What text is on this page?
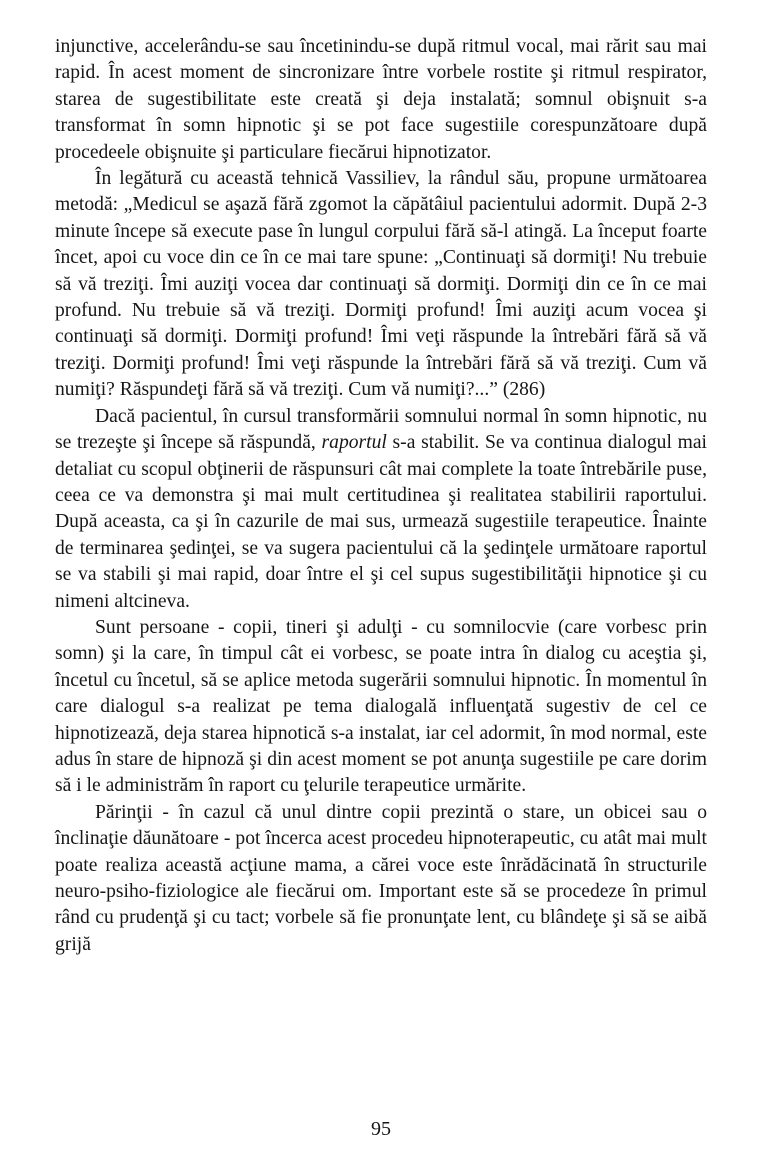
injunctive, accelerându-se sau încetinindu-se după ritmul vocal, mai rărit sau mai rapid. În acest moment de sincronizare între vorbele rostite şi ritmul respirator, starea de sugestibilitate este creată şi deja instalată; somnul obişnuit s-a transformat în somn hipnotic şi se pot face sugestiile corespunzătoare după procedeele obişnuite şi particulare fiecărui hipnotizator.

În legătură cu această tehnică Vassiliev, la rândul său, propune următoarea metodă: „Medicul se aşază fără zgomot la căpătâiul pacientului adormit. După 2-3 minute începe să execute pase în lungul corpului fără să-l atingă. La început foarte încet, apoi cu voce din ce în ce mai tare spune: „Continuaţi să dormiţi! Nu trebuie să vă treziţi. Îmi auziţi vocea dar continuaţi să dormiţi. Dormiţi din ce în ce mai profund. Nu trebuie să vă treziţi. Dormiţi profund! Îmi auziţi acum vocea şi continuaţi să dormiţi. Dormiţi profund! Îmi veţi răspunde la întrebări fără să vă treziţi. Dormiţi profund! Îmi veţi răspunde la întrebări fără să vă treziţi. Cum vă numiţi? Răspundeţi fără să vă treziţi. Cum vă numiţi?...” (286)

Dacă pacientul, în cursul transformării somnului normal în somn hipnotic, nu se trezeşte şi începe să răspundă, raportul s-a stabilit. Se va continua dialogul mai detaliat cu scopul obţinerii de răspunsuri cât mai complete la toate întrebările puse, ceea ce va demonstra şi mai mult certitudinea şi realitatea stabilirii raportului. După aceasta, ca şi în cazurile de mai sus, urmează sugestiile terapeutice. Înainte de terminarea şedinţei, se va sugera pacientului că la şedinţele următoare raportul se va stabili şi mai rapid, doar între el şi cel supus sugestibilităţii hipnotice şi cu nimeni altcineva.

Sunt persoane - copii, tineri şi adulţi - cu somnilocvie (care vorbesc prin somn) şi la care, în timpul cât ei vorbesc, se poate intra în dialog cu aceştia şi, încetul cu încetul, să se aplice metoda sugerării somnului hipnotic. În momentul în care dialogul s-a realizat pe tema dialogală influenţată sugestiv de cel ce hipnotizează, deja starea hipnotică s-a instalat, iar cel adormit, în mod normal, este adus în stare de hipnoză şi din acest moment se pot anunţa sugestiile pe care dorim să i le administrăm în raport cu ţelurile terapeutice urmărite.

Părinţii - în cazul că unul dintre copii prezintă o stare, un obicei sau o înclinaţie dăunătoare - pot încerca acest procedeu hipnoterapeutic, cu atât mai mult poate realiza această acţiune mama, a cărei voce este înrădăcinată în structurile neuro-psiho-fiziologice ale fiecărui om. Important este să se procedeze în primul rând cu prudenţă şi cu tact; vorbele să fie pronunţate lent, cu blândeţe şi să se aibă grijă

95
